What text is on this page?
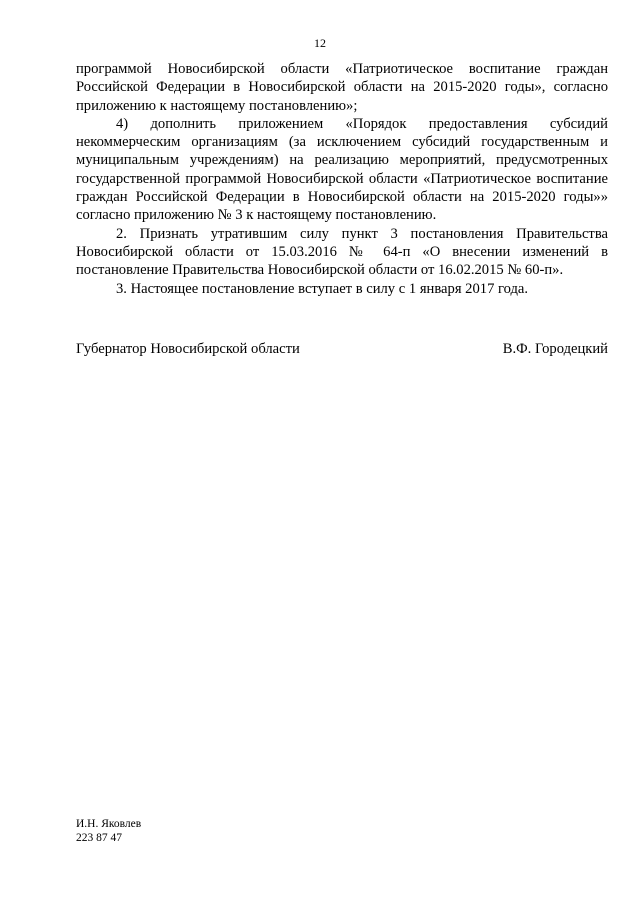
12

программой Новосибирской области «Патриотическое воспитание граждан Российской Федерации в Новосибирской области на 2015-2020 годы», согласно приложению к настоящему постановлению»;

4) дополнить приложением «Порядок предоставления субсидий некоммерческим организациям (за исключением субсидий государственным и муниципальным учреждениям) на реализацию мероприятий, предусмотренных государственной программой Новосибирской области «Патриотическое воспитание граждан Российской Федерации в Новосибирской области на 2015-2020 годы»» согласно приложению № 3 к настоящему постановлению.

2. Признать утратившим силу пункт 3 постановления Правительства Новосибирской области от 15.03.2016 № 64-п «О внесении изменений в постановление Правительства Новосибирской области от 16.02.2015 № 60-п».

3. Настоящее постановление вступает в силу с 1 января 2017 года.

Губернатор Новосибирской области	В.Ф. Городецкий
И.Н. Яковлев
223 87 47
